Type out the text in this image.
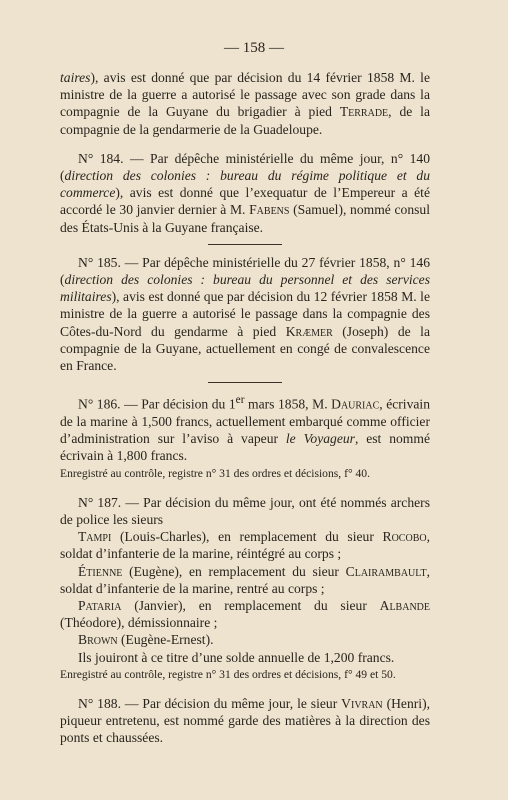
— 158 —

taires), avis est donné que par décision du 14 février 1858 M. le ministre de la guerre a autorisé le passage avec son grade dans la compagnie de la Guyane du brigadier à pied Terrade, de la compagnie de la gendarmerie de la Guadeloupe.

N° 184. — Par dépêche ministérielle du même jour, n° 140 (direction des colonies : bureau du régime politique et du commerce), avis est donné que l’exequatur de l’Empereur a été accordé le 30 janvier dernier à M. Fabens (Samuel), nommé consul des États-Unis à la Guyane française.

N° 185. — Par dépêche ministérielle du 27 février 1858, n° 146 (direction des colonies : bureau du personnel et des services militaires), avis est donné que par décision du 12 février 1858 M. le ministre de la guerre a autorisé le passage dans la compagnie des Côtes-du-Nord du gendarme à pied Kræmer (Joseph) de la compagnie de la Guyane, actuellement en congé de convalescence en France.

N° 186. — Par décision du 1er mars 1858, M. Dauriac, écrivain de la marine à 1,500 francs, actuellement embarqué comme officier d’administration sur l’aviso à vapeur le Voyageur, est nommé écrivain à 1,800 francs.

Enregistré au contrôle, registre n° 31 des ordres et décisions, f° 40.

N° 187. — Par décision du même jour, ont été nommés archers de police les sieurs

Tampi (Louis-Charles), en remplacement du sieur Rocobo, soldat d’infanterie de la marine, réintégré au corps ;

Étienne (Eugène), en remplacement du sieur Clairambault, soldat d’infanterie de la marine, rentré au corps ;

Pataria (Janvier), en remplacement du sieur Albande (Théodore), démissionnaire ;

Brown (Eugène-Ernest).

Ils jouiront à ce titre d’une solde annuelle de 1,200 francs.

Enregistré au contrôle, registre n° 31 des ordres et décisions, f° 49 et 50.

N° 188. — Par décision du même jour, le sieur Vivran (Henri), piqueur entretenu, est nommé garde des matières à la direction des ponts et chaussées.
